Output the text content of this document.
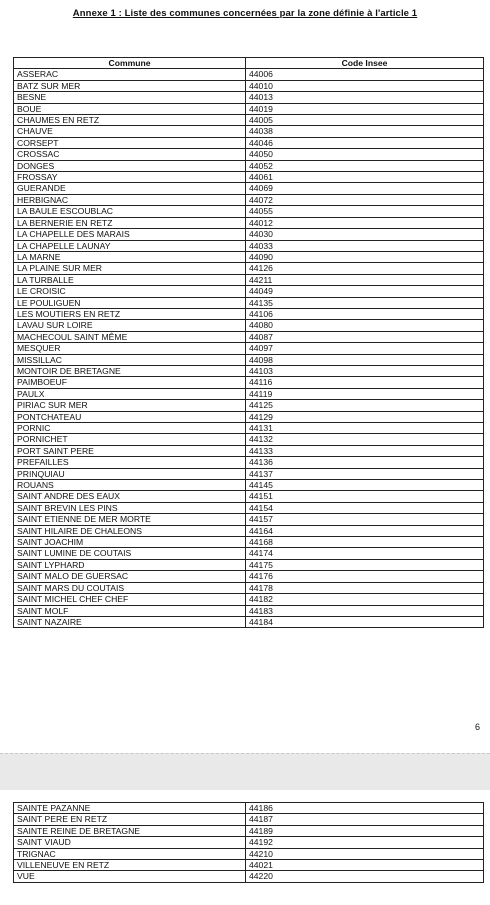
Annexe 1 : Liste des communes concernées par la zone définie à l'article 1
Commune	Code Insee
ASSERAC	44006
BATZ SUR MER	44010
BESNE	44013
BOUE	44019
CHAUMES EN RETZ	44005
CHAUVE	44038
CORSEPT	44046
CROSSAC	44050
DONGES	44052
FROSSAY	44061
GUERANDE	44069
HERBIGNAC	44072
LA BAULE ESCOUBLAC	44055
LA BERNERIE EN RETZ	44012
LA CHAPELLE DES MARAIS	44030
LA CHAPELLE LAUNAY	44033
LA MARNE	44090
LA PLAINE SUR MER	44126
LA TURBALLE	44211
LE CROISIC	44049
LE POULIGUEN	44135
LES MOUTIERS EN RETZ	44106
LAVAU SUR LOIRE	44080
MACHECOUL SAINT MÊME	44087
MESQUER	44097
MISSILLAC	44098
MONTOIR DE BRETAGNE	44103
PAIMBOEUF	44116
PAULX	44119
PIRIAC SUR MER	44125
PONTCHATEAU	44129
PORNIC	44131
PORNICHET	44132
PORT SAINT PERE	44133
PREFAILLES	44136
PRINQUIAU	44137
ROUANS	44145
SAINT ANDRE DES EAUX	44151
SAINT BREVIN LES PINS	44154
SAINT ETIENNE DE MER MORTE	44157
SAINT HILAIRE DE CHALEONS	44164
SAINT JOACHIM	44168
SAINT LUMINE DE COUTAIS	44174
SAINT LYPHARD	44175
SAINT MALO DE GUERSAC	44176
SAINT MARS DU COUTAIS	44178
SAINT MICHEL CHEF CHEF	44182
SAINT MOLF	44183
SAINT NAZAIRE	44184
6
SAINTE PAZANNE	44186
SAINT PERE EN RETZ	44187
SAINTE REINE DE BRETAGNE	44189
SAINT VIAUD	44192
TRIGNAC	44210
VILLENEUVE EN RETZ	44021
VUE	44220
